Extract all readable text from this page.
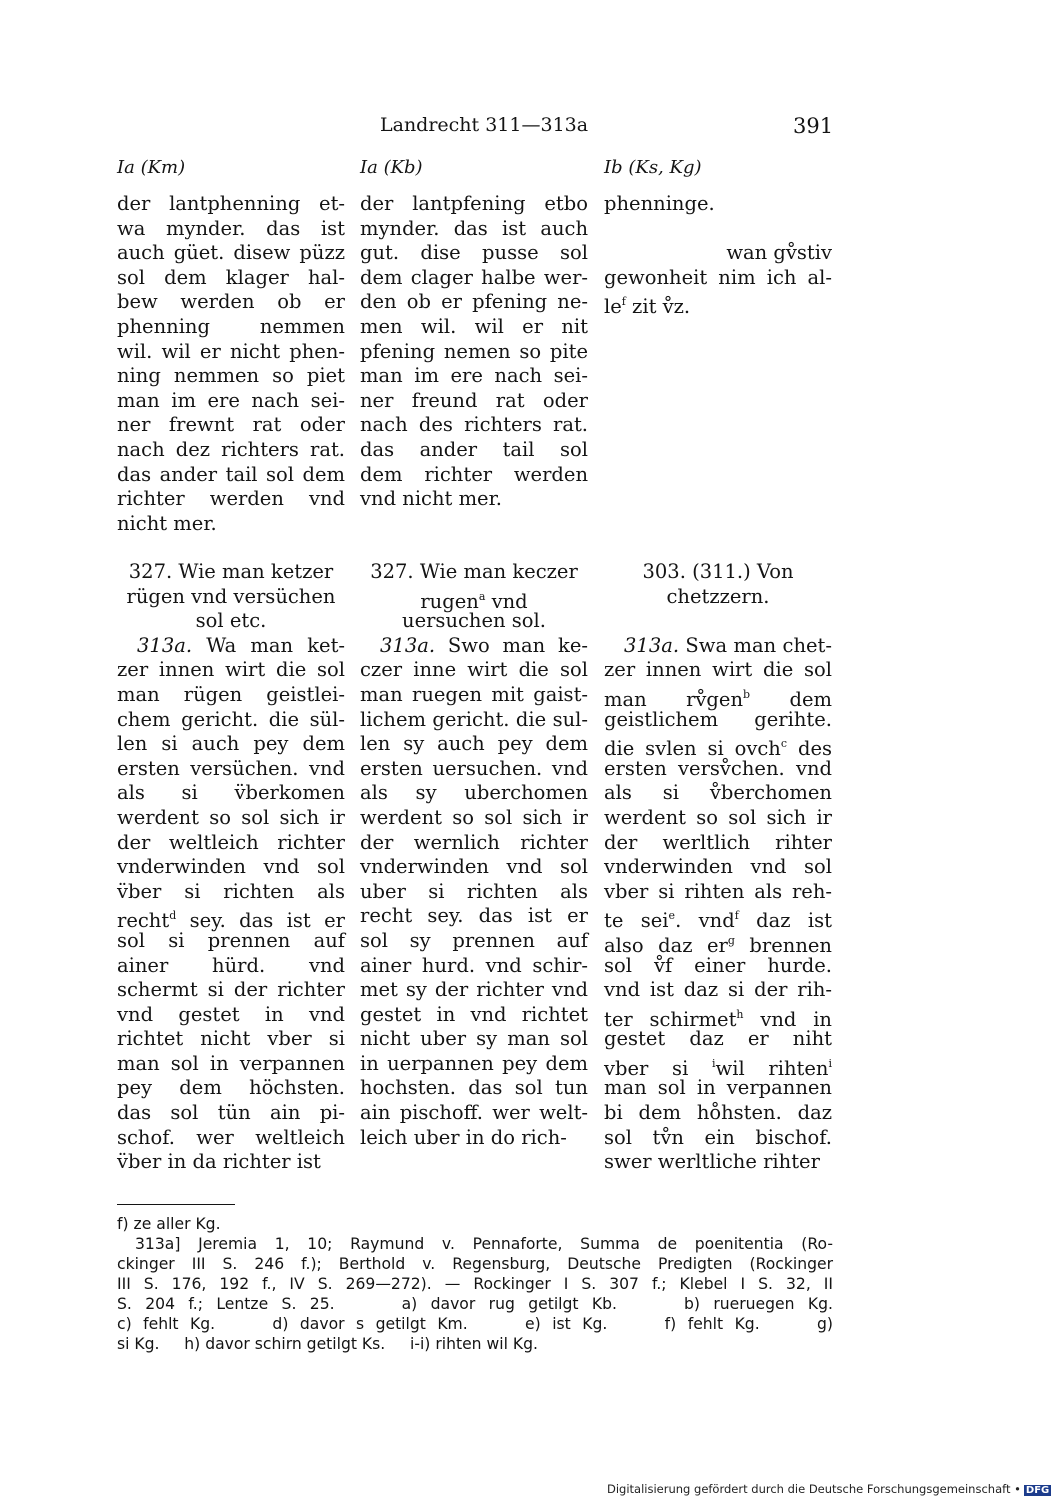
Landrecht 311—313a	391
Ia (Km)
der lantphenning et-
wa mynder. das ist
auch güet. disew püzz
sol dem klager hal-
bew werden ob er
phenning nemmen
wil. wil er nicht phen-
ning nemmen so piet
man im ere nach sei-
ner frewnt rat oder
nach dez richters rat.
das ander tail sol dem
richter werden vnd
nicht mer.
327. Wie man ketzer
rügen vnd versüchen
sol etc.
313a. Wa man ket-
zer innen wirt die sol
man rügen geistlei-
chem gericht. die sül-
len si auch pey dem
ersten versüchen. vnd
als si v̈berkomen
werdent so sol sich ir
der weltleich richter
vnderwinden vnd sol
v̈ber si richten als
recht$^d$ sey. das ist er
sol si prennen auf
ainer hürd. vnd
schermt si der richter
vnd gestet in vnd
richtet nicht vber si
man sol in verpannen
pey dem höchsten.
das sol tün ain pi-
schof. wer weltleich
v̈ber in da richter ist
Ia (Kb)
der lantpfening etbo
mynder. das ist auch
gut. dise pusse sol
dem clager halbe wer-
den ob er pfening ne-
men wil. wil er nit
pfening nemen so pite
man im ere nach sei-
ner freund rat oder
nach des richters rat.
das ander tail sol
dem richter werden
vnd nicht mer.
327. Wie man keczer
rugen$^a$ vnd
uersuchen sol.
313a. Swo man ke-
czer inne wirt die sol
man ruegen mit gaist-
lichem gericht. die sul-
len sy auch pey dem
ersten uersuchen. vnd
als sy uberchomen
werdent so sol sich ir
der wernlich richter
vnderwinden vnd sol
uber si richten als
recht sey. das ist er
sol sy prennen auf
ainer hurd. vnd schir-
met sy der richter vnd
gestet in vnd richtet
nicht uber sy man sol
in uerpannen pey dem
hochsten. das sol tun
ain pischoff. wer welt-
leich uber in do rich-
Ib (Ks, Kg)
phenninge.
wan gv̊stiv
gewonheit nim ich al-
$le^f$ zit v̊z.
303. (311.) Von
chetzzern.
313a. Swa man chet-
zer innen wirt die sol
man rv̊gen$^b$ dem
geistlichem gerihte.
die svlen si ovch$^c$ des
ersten versv̊chen. vnd
als si v̊berchomen
werdent so sol sich ir
der werltlich rihter
vnderwinden vnd sol
vber si rihten als reh-
te sei$^e$. vnd$^f$ daz ist
also daz $er^g$ brennen
sol v̊f einer hurde.
vnd ist daz si der rih-
ter schirmet$^h$ vnd in
gestet daz er niht
vber si $^i$wil rihten$^i$
man sol in verpannen
bi dem ho̊hsten. daz
sol tv̊n ein bischof.
swer werltliche rihter
f) ze aller Kg.
313a] Jeremia 1, 10; Raymund v. Pennaforte, Summa de poenitentia (Ro-
ckinger III S. 246 f.); Berthold v. Regensburg, Deutsche Predigten (Rockinger
III S. 176, 192 f., IV S. 269—272). — Rockinger I S. 307 f.; Klebel I S. 32, II
S. 204 f.; Lentze S. 25.     a) davor rug getilgt Kb.     b) rueruegen Kg.
c) fehlt Kg.     d) davor s getilgt Km.     e) ist Kg.     f) fehlt Kg.     g)
si Kg.     h) davor schirn getilgt Ks.     i-i) rihten wil Kg.
Digitalisierung gefördert durch die Deutsche Forschungsgemeinschaft • DFG
